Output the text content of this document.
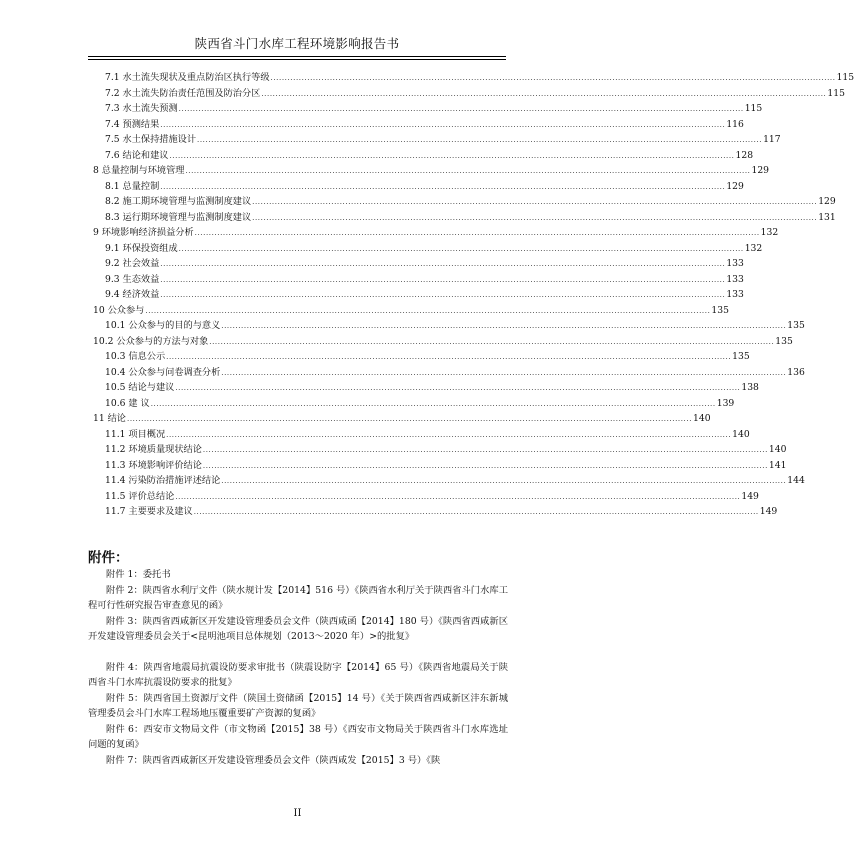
陕西省斗门水库工程环境影响报告书
7.1 水土流失现状及重点防治区执行等级 ........................................................................................................................................................................................................ 115
7.2 水土流失防治责任范围及防治分区 ........................................................................................................................................................................................................ 115
7.3 水土流失预测 ........................................................................................................................................................................................................ 115
7.4 预测结果 ........................................................................................................................................................................................................ 116
7.5 水土保持措施设计 ........................................................................................................................................................................................................ 117
7.6 结论和建议 ........................................................................................................................................................................................................ 128
8 总量控制与环境管理 ........................................................................................................................................................................................................ 129
8.1 总量控制 ........................................................................................................................................................................................................ 129
8.2 施工期环境管理与监测制度建议 ........................................................................................................................................................................................................ 129
8.3 运行期环境管理与监测制度建议 ........................................................................................................................................................................................................ 131
9 环境影响经济损益分析 ........................................................................................................................................................................................................ 132
9.1 环保投资组成 ........................................................................................................................................................................................................ 132
9.2 社会效益 ........................................................................................................................................................................................................ 133
9.3 生态效益 ........................................................................................................................................................................................................ 133
9.4 经济效益 ........................................................................................................................................................................................................ 133
10 公众参与 ........................................................................................................................................................................................................ 135
10.1 公众参与的目的与意义 ........................................................................................................................................................................................................ 135
10.2 公众参与的方法与对象 ........................................................................................................................................................................................................ 135
10.3 信息公示 ........................................................................................................................................................................................................ 135
10.4 公众参与问卷调查分析 ........................................................................................................................................................................................................ 136
10.5 结论与建议 ........................................................................................................................................................................................................ 138
10.6 建 议 ........................................................................................................................................................................................................ 139
11 结论 ........................................................................................................................................................................................................ 140
11.1 项目概况 ........................................................................................................................................................................................................ 140
11.2 环境质量现状结论 ........................................................................................................................................................................................................ 140
11.3 环境影响评价结论 ........................................................................................................................................................................................................ 141
11.4 污染防治措施评述结论 ........................................................................................................................................................................................................ 144
11.5 评价总结论 ........................................................................................................................................................................................................ 149
11.7 主要要求及建议 ........................................................................................................................................................................................................ 149
附件：
附件 1：委托书
附件 2：陕西省水利厅文件（陕水规计发【2014】516 号）《陕西省水利厅关于陕西省斗门水库工程可行性研究报告审查意见的函》
附件 3：陕西省西咸新区开发建设管理委员会文件（陕西咸函【2014】180 号）《陕西省西咸新区开发建设管理委员会关于<昆明池项目总体规划（2013～2020 年）>的批复》
附件 4：陕西省地震局抗震设防要求审批书（陕震设防字【2014】65 号）《陕西省地震局关于陕西省斗门水库抗震设防要求的批复》
附件 5：陕西省国土资源厅文件（陕国土资储函【2015】14 号）《关于陕西省西咸新区沣东新城管理委员会斗门水库工程场地压覆重要矿产资源的复函》
附件 6：西安市文物局文件（市文物函【2015】38 号）《西安市文物局关于陕西省斗门水库选址问题的复函》
附件 7：陕西省西咸新区开发建设管理委员会文件（陕西咸发【2015】3 号）《陕
II
